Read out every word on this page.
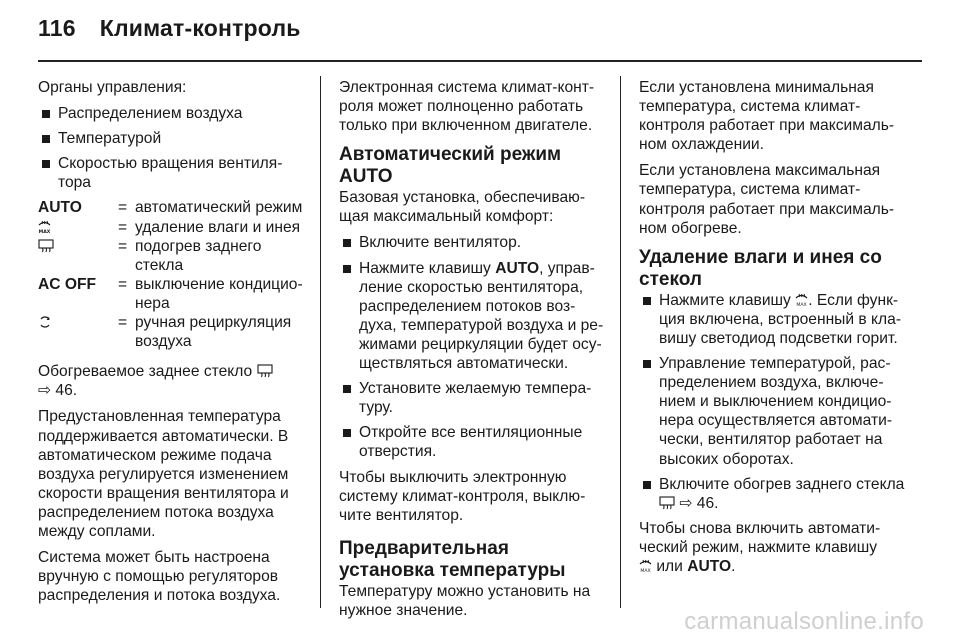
116 Климат-контроль

Органы управления:

Распределением воздуха
Температурой
Скоростью вращения вентилятора
AUTO	= автоматический режим
MAX	= удаление влаги и инея
= подогрев заднего стекла
AC OFF	= выключение кондиционера
= ручная рециркуляция воздуха

Обогреваемое заднее стекло

⇨ 46.

Предустановленная температура поддерживается автоматически. В автоматическом режиме подача воздуха регулируется изменением скорости вращения вентилятора и распределением потока воздуха между соплами.

Система может быть настроена вручную с помощью регуляторов распределения и потока воздуха.

Электронная система климат-контроля может полноценно работать только при включенном двигателе.

Автоматический режим AUTO

Базовая установка, обеспечивающая максимальный комфорт:

Включите вентилятор.
Нажмите клавишу AUTO, управление скоростью вентилятора, распределением потоков воздуха, температурой воздуха и режимами рециркуляции будет осуществляться автоматически.
Установите желаемую температуру.
Откройте все вентиляционные отверстия.

Чтобы выключить электронную систему климат-контроля, выключите вентилятор.

Предварительная установка температуры

Температуру можно установить на нужное значение.

Если установлена минимальная температура, система климат-контроля работает при максимальном охлаждении.

Если установлена максимальная температура, система климат-контроля работает при максимальном обогреве.

Удаление влаги и инея со стекол
Нажмите клавишу MAX . Если функция включена, встроенный в клавишу светодиод подсветки горит.
Управление температурой, распределением воздуха, включением и выключением кондиционера осуществляется автоматически, вентилятор работает на высоких оборотах.
Включите обогрев заднего стекла
⇨ 46.

Чтобы снова включить автоматический режим, нажмите клавишу

MAX или AUTO.

carmanualsonline.info
